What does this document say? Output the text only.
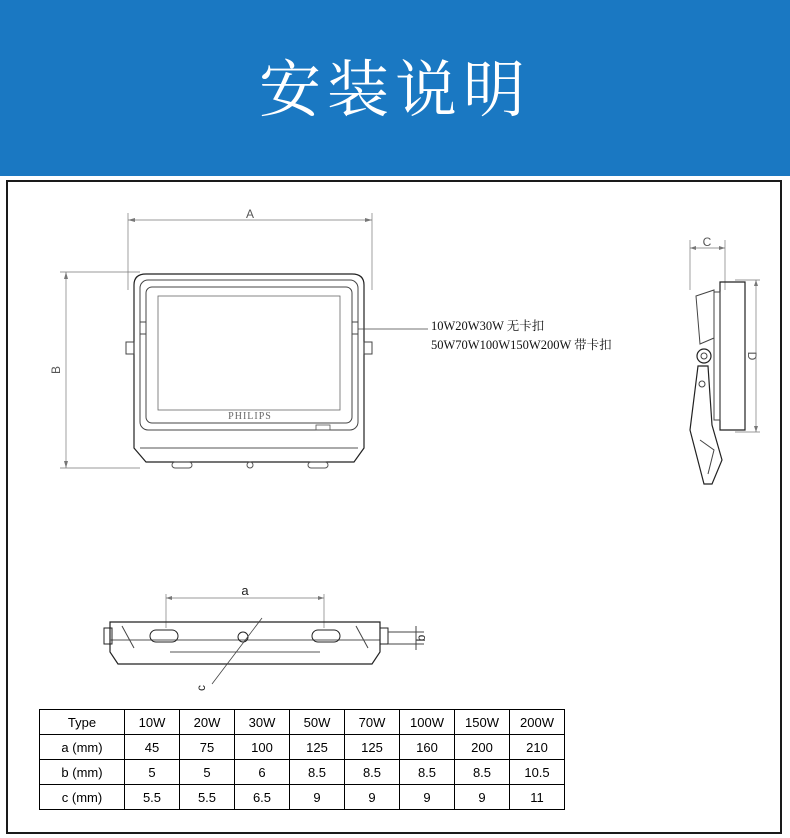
安装说明
A
B
PHILIPS
C
D
a
c
b
10W20W30W 无卡扣
50W70W100W150W200W 带卡扣
Type	10W	20W	30W	50W	70W	100W	150W	200W
a (mm)	45	75	100	125	125	160	200	210
b (mm)	5	5	6	8.5	8.5	8.5	8.5	10.5
c (mm)	5.5	5.5	6.5	9	9	9	9	11
